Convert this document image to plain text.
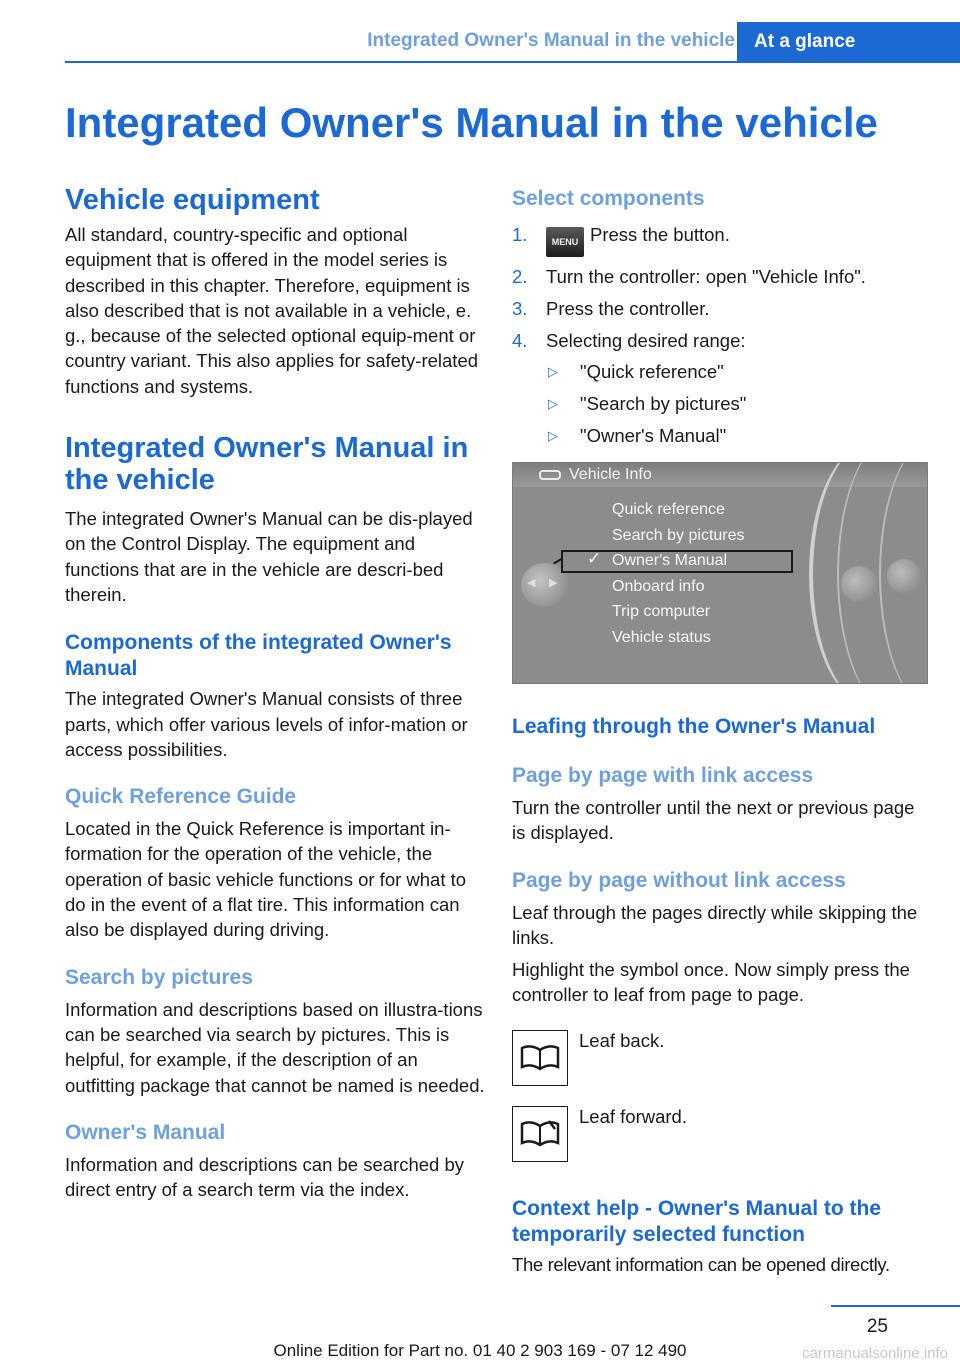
Integrated Owner's Manual in the vehicle	At a glance
Integrated Owner's Manual in the vehicle
Vehicle equipment

All standard, country-specific and optional equipment that is offered in the model series is described in this chapter. Therefore, equipment is also described that is not available in a vehicle, e. g., because of the selected optional equip-ment or country variant. This also applies for safety-related functions and systems.

Integrated Owner's Manual in the vehicle

The integrated Owner's Manual can be dis-played on the Control Display. The equipment and functions that are in the vehicle are descri-bed therein.

Components of the integrated Owner's Manual

The integrated Owner's Manual consists of three parts, which offer various levels of infor-mation or access possibilities.

Quick Reference Guide

Located in the Quick Reference is important in-formation for the operation of the vehicle, the operation of basic vehicle functions or for what to do in the event of a flat tire. This information can also be displayed during driving.

Search by pictures

Information and descriptions based on illustra-tions can be searched via search by pictures. This is helpful, for example, if the description of an outfitting package that cannot be named is needed.

Owner's Manual

Information and descriptions can be searched by direct entry of a search term via the index.

Select components
1.	MENU Press the button.
2. Turn the controller: open "Vehicle Info".
3. Press the controller.
4. Selecting desired range:
▷ "Quick reference"
▷ "Search by pictures"
▷ "Owner's Manual"
Vehicle Info
◀ ▶
Quick reference
Search by pictures
Owner's Manual
Onboard info
Trip computer
Vehicle status
✓
Leafing through the Owner's Manual
Page by page with link access

Turn the controller until the next or previous page is displayed.

Page by page without link access

Leaf through the pages directly while skipping the links.

Highlight the symbol once. Now simply press the controller to leaf from page to page.

Leaf back.
Leaf forward.
Context help - Owner's Manual to the temporarily selected function

The relevant information can be opened directly.

25
Online Edition for Part no. 01 40 2 903 169 - 07 12 490	carmanualsonline.info
